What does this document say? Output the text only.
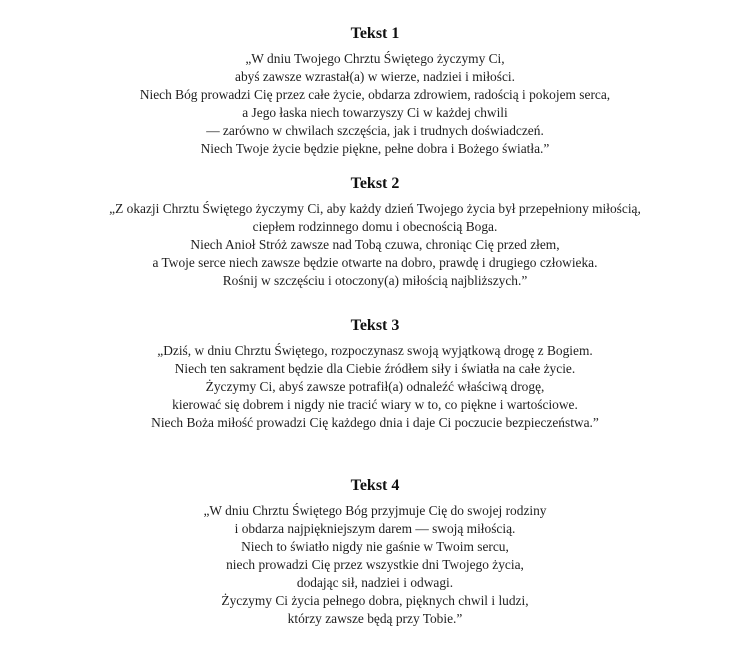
Tekst 1
„W dniu Twojego Chrztu Świętego życzymy Ci,
abyś zawsze wzrastał(a) w wierze, nadziei i miłości.
Niech Bóg prowadzi Cię przez całe życie, obdarza zdrowiem, radością i pokojem serca,
a Jego łaska niech towarzyszy Ci w każdej chwili
— zarówno w chwilach szczęścia, jak i trudnych doświadczeń.
Niech Twoje życie będzie piękne, pełne dobra i Bożego światła.”
Tekst 2
„Z okazji Chrztu Świętego życzymy Ci, aby każdy dzień Twojego życia był przepełniony miłością,
ciepłem rodzinnego domu i obecnością Boga.
Niech Anioł Stróż zawsze nad Tobą czuwa, chroniąc Cię przed złem,
a Twoje serce niech zawsze będzie otwarte na dobro, prawdę i drugiego człowieka.
Rośnij w szczęściu i otoczony(a) miłością najbliższych.”
Tekst 3
„Dziś, w dniu Chrztu Świętego, rozpoczynasz swoją wyjątkową drogę z Bogiem.
Niech ten sakrament będzie dla Ciebie źródłem siły i światła na całe życie.
Życzymy Ci, abyś zawsze potrafił(a) odnaleźć właściwą drogę,
kierować się dobrem i nigdy nie tracić wiary w to, co piękne i wartościowe.
Niech Boża miłość prowadzi Cię każdego dnia i daje Ci poczucie bezpieczeństwa.”
Tekst 4
„W dniu Chrztu Świętego Bóg przyjmuje Cię do swojej rodziny
i obdarza najpiękniejszym darem — swoją miłością.
Niech to światło nigdy nie gaśnie w Twoim sercu,
niech prowadzi Cię przez wszystkie dni Twojego życia,
dodając sił, nadziei i odwagi.
Życzymy Ci życia pełnego dobra, pięknych chwil i ludzi,
którzy zawsze będą przy Tobie.”
